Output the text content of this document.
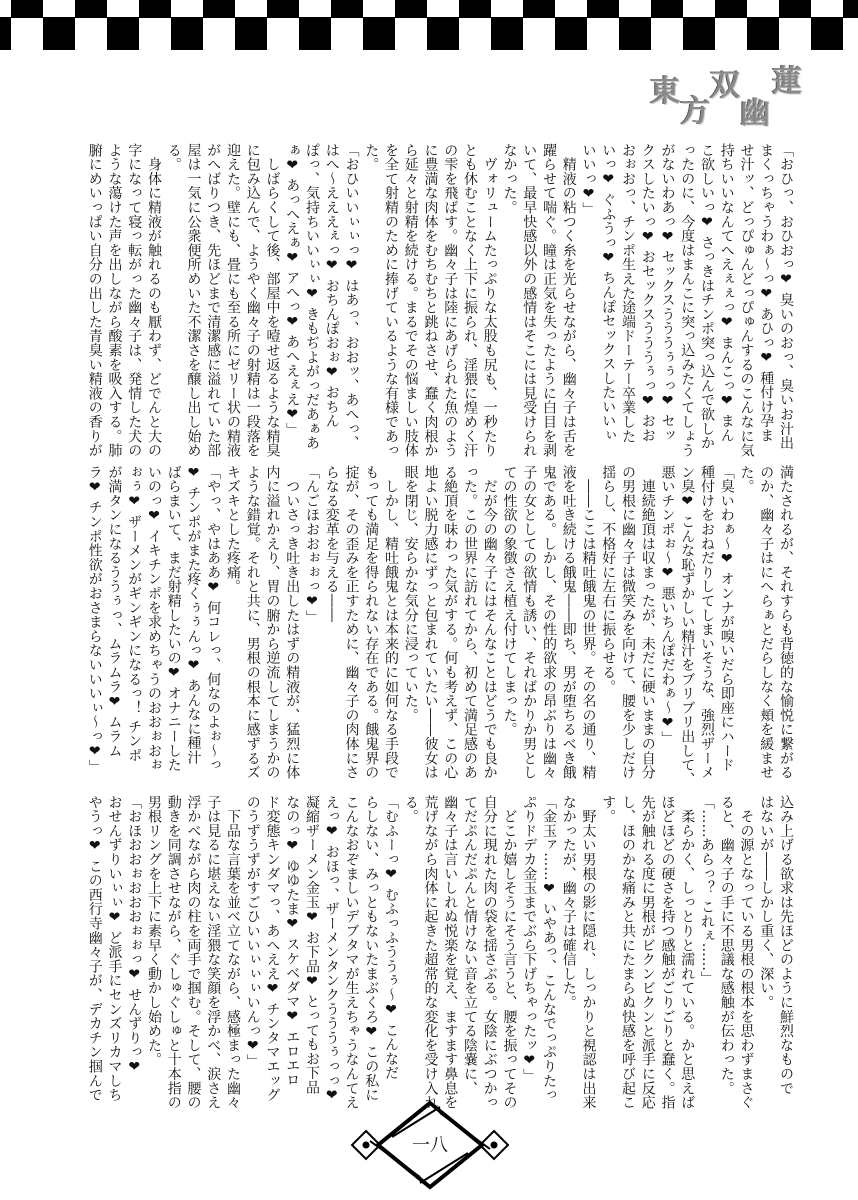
東
方
双
幽
蓮
「おひっ、おひおっ❤ 臭いのおっ、臭いお汁出
まくっちゃうわぁ〜っ❤ あひっ❤ 種付け孕ま
せ汁ッ、どっぴゅんどっぴゅんするのこんなに気
持ちいいなんてへえぇぇっ❤ まんこっ❤ まん
こ欲しいっ❤ さっきはチンポ突っ込んで欲しか
ったのに、今度はまんこに突っ込みたくてしょう
がないわあっ❤ セックスうううぅぅっ❤ セッ
クスしたいっ❤ おセックスうううぅっ❤ おお
おぉおっ、チンポ生えた途端ドーテー卒業した
いっ❤ ぐふうっ❤ ちんぽセックスしたいいぃ
いいっ❤」
　精液の粘つく糸を光らせながら、幽々子は舌を
躍らせて喘ぐ。瞳は正気を失ったように白目を剥
いて、最早快感以外の感情はそこには見受けられ
なかった。
　ヴォリュームたっぷりな太股も尻も、一秒たり
とも休むことなく上下に振られ、淫猥に煌めく汗
の雫を飛ばす。幽々子は陸にあげられた魚のよう
に豊満な肉体をむちむちと跳ねさせ、蠢く肉根か
ら延々と射精を続ける。まるでその悩ましい肢体
を全て射精のために捧げているような有様であっ
た。
「おひいいぃぃっ❤ はあっ、おおッ、あへっ、
はへ〜えええぇっ❤ おちんぽおぉ❤ おちん
ぽっ、気持ちいいぃぃ❤ きもぢよがっだあぁあ
ぁ❤ あっへえぁ❤ アへっ❤ あへえぇえ❤」
　しばらくして後、部屋中を噎せ返るような精臭
に包み込んで、ようやく幽々子の射精は一段落を
迎えた。壁にも、畳にも至る所にゼリー状の精液
がへばりつき、先ほどまで清潔感に溢れていた部
屋は一気に公衆便所めいた不潔さを醸し出し始め
る。
　身体に精液が触れるのも厭わず、どでんと大の
字になって寝っ転がった幽々子は、発情した犬の
ような蕩けた声を出しながら酸素を吸入する。肺
腑にめいっぱい自分の出した青臭い精液の香りが
満たされるが、それすらも背徳的な愉悦に繋がる
のか、幽々子はにへらぁとだらしなく頬を緩ませ
た。
「臭いわぁ〜❤ オンナが嗅いだら即座にハード
種付けをおねだりしてしまいそうな、強烈ザーメ
ン臭❤ こんな恥ずかしい精汁をブリブリ出して、
悪いチンポぉ〜❤ 悪いちんぽだわぁ〜❤」
　連続絶頂は収まったが、未だに硬いままの自分
の男根に幽々子は微笑みを向けて、腰を少しだけ
揺らし、不格好に左右に振らせる。
　――ここは精吐餓鬼の世界。その名の通り、精
液を吐き続ける餓鬼――即ち、男が堕ちるべき餓
鬼である。しかし、その性的欲求の昂ぶりは幽々
子の女としての欲情も誘い、そればかりか男とし
ての性欲の象徴さえ植え付けてしまった。
　だが今の幽々子にはそんなことはどうでも良か
った。この世界に訪れてから、初めて満足感のあ
る絶頂を味わった気がする。何も考えず、この心
地よい脱力感にずっと包まれていたい――彼女は
眼を閉じ、安らかな気分に浸っていた。
　しかし、精吐餓鬼とは本来的に如何なる手段で
もっても満足を得られない存在である。餓鬼界の
掟が、その歪みを正すために、幽々子の肉体にさ
らなる変革を与える――
「んごほおおぉぉっ❤」
　ついさっき吐き出したはずの精液が、猛烈に体
内に溢れかえり、胃の腑から逆流してしまうかの
ような錯覚。それと共に、男根の根本に感ずるズ
キズキとした疼痛。
「やっ、やはああ❤ 何コレっ、何なのよぉ〜っ
❤ チンポがまた疼くぅぅんっ❤ あんなに種汁
ばらまいて、まだ射精したいの❤ オナニーした
いのっ❤ イキチンポを求めちゃうのおおぉおぉ
ぉぅ❤ ザーメンがギンギンになるっ！ チンポ
が満タンになるううぅっ、ムラムラ❤ ムラム
ラ❤ チンポ性欲がおさまらないいいぃ〜っ❤」
込み上げる欲求は先ほどのように鮮烈なもので
はないが――しかし重く、深い。
　その源となっている男根の根本を思わずまさぐ
ると、幽々子の手に不思議な感触が伝わった。
「……あらっ？ これぇ……」
　柔らかく、しっとりと濡れている。かと思えば
ほどほどの硬さを持つ感触がごりごりと蠢く。指
先が触れる度に男根がビクンビクンと派手に反応
し、ほのかな痛みと共にたまらぬ快感を呼び起こ
す。
　野太い男根の影に隠れ、しっかりと視認は出来
なかったが、幽々子は確信した。
「金玉ァ……❤ いやあっ、こんなでっぷりたっ
ぷりドデカ金玉までぶら下げちゃったッ❤」
　どこか嬉しそうにそう言うと、腰を振ってその
自分に現れた肉の袋を揺さぶる。女陰にぶつかっ
てだぷんだぷんと情けない音を立てる陰嚢に、
幽々子は言いしれぬ悦楽を覚え、ますます鼻息を
荒げながら肉体に起きた超常的な変化を受け入れ
る。
「むふーっ❤ むふっふううぅ〜❤ こんなだ
らしない、みっともないたまぶくろ❤ この私に
こんなおぞましいデブタマが生えちゃうなんてえ
えっ❤ おほっ、ザーメンタンクうううぅっっ❤
凝縮ザーメン金玉❤ お下品❤ とってもお下品
なのっ❤ ゆゆたま❤ スケベダマ❤ エロエロ
ド変態キンダマっ、あへええ❤ チンタマエッグ
のうずうずがすごひいいぃぃぃいんっ❤」
　下品な言葉を並べ立てながら、感極まった幽々
子は見るに堪えない淫猥な笑顔を浮かべ、涙さえ
浮かべながら肉の柱を両手で掴む。そして、腰の
動きを同調させながら、ぐしゅぐしゅと十本指の
男根リングを上下に素早く動かし始めた。
「おほおおぉおおおぉぉっ❤ せんずりっ❤
おせんずりいぃぃ❤ ど派手にセンズリカマしち
やうっ❤ この西行寺幽々子が、デカチン掴んで
一八
